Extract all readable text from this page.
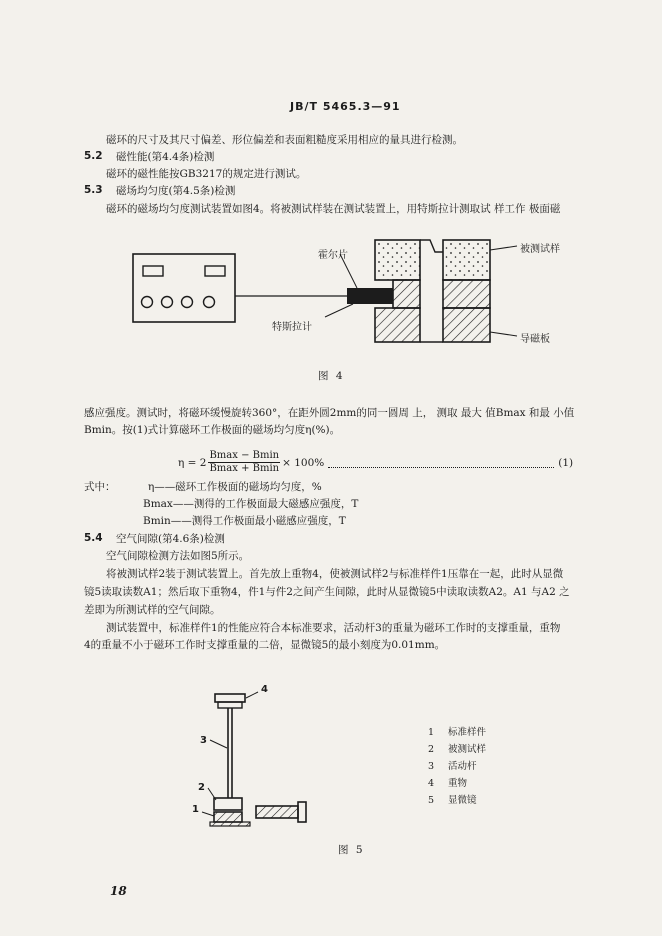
JB/T 5465.3—91
磁环的尺寸及其尺寸偏差、形位偏差和表面粗糙度采用相应的量具进行检测。
5.2 磁性能(第4.4条)检测
磁环的磁性能按GB3217的规定进行测试。
5.3 磁场均匀度(第4.5条)检测
磁环的磁场均匀度测试装置如图4。将被测试样装在测试装置上，用特斯拉计测取试 样工作 极面磁
霍尔片
被测试样
特斯拉计
导磁板
图 4
感应强度。测试时，将磁环缓慢旋转360°，在距外圆2mm的同一圆周 上， 测取 最大 值Bmax 和最 小值
Bmin。按(1)式计算磁环工作极面的磁场均匀度η(%)。
$\eta = 2 \frac{Bmax - Bmin}{Bmax + Bmin} \times 100\%$	(1)
式中：	η——磁环工作极面的磁场均匀度，%
Bmax——测得的工作极面最大磁感应强度，T
Bmin——测得工作极面最小磁感应强度，T
5.4 空气间隙(第4.6条)检测
空气间隙检测方法如图5所示。
将被测试样2装于测试装置上。首先放上重物4，使被测试样2与标准样件1压靠在一起，此时从显微
镜5读取读数A1；然后取下重物4，件1与件2之间产生间隙，此时从显微镜5中读取读数A2。A1 与A2 之
差即为所测试样的空气间隙。
测试装置中，标准样件1的性能应符合本标准要求，活动杆3的重量为磁环工作时的支撑重量，重物
4的重量不小于磁环工作时支撑重量的二倍，显微镜5的最小刻度为0.01mm。
4
3
2
1
1 标准样件
2 被测试样
3 活动杆
4 重物
5 显微镜
图 5
18
